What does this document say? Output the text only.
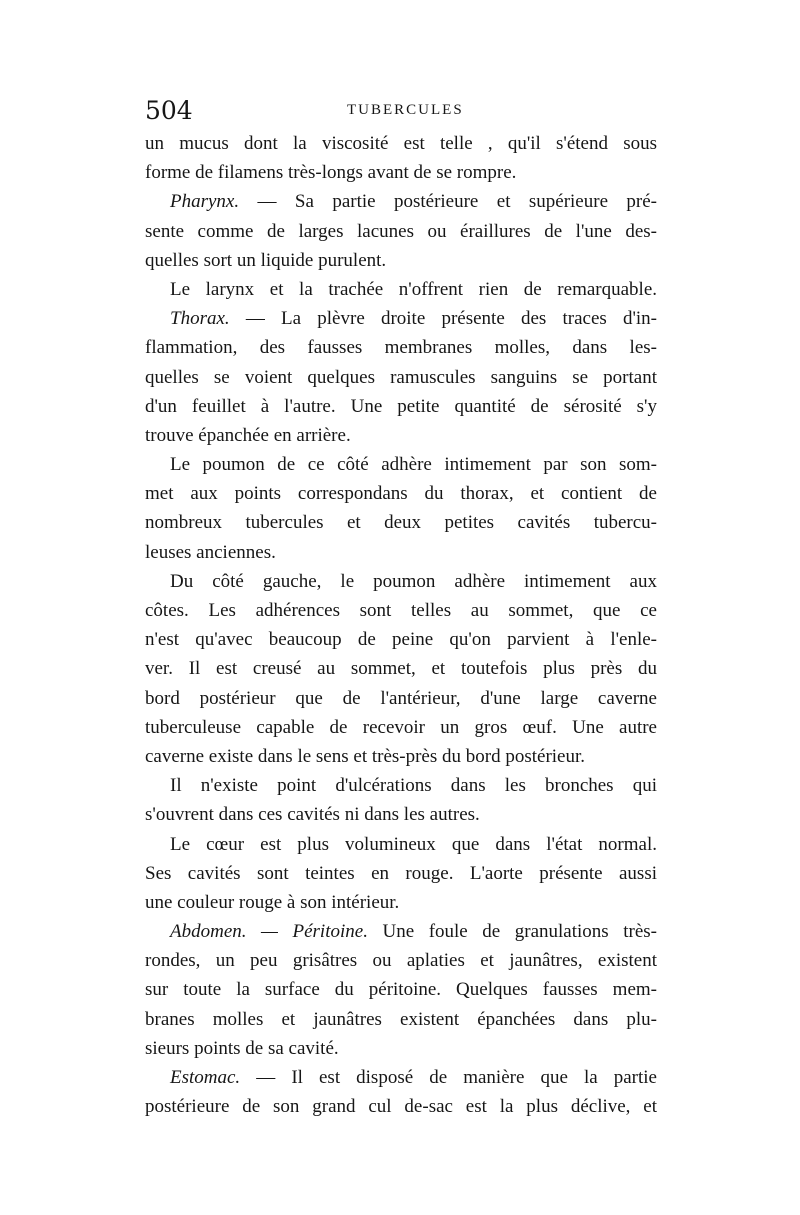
504	TUBERCULES
un mucus dont la viscosité est telle , qu'il s'étend sous
forme de filamens très-longs avant de se rompre.
Pharynx. — Sa partie postérieure et supérieure pré-
sente comme de larges lacunes ou éraillures de l'une des-
quelles sort un liquide purulent.
Le larynx et la trachée n'offrent rien de remarquable.
Thorax. — La plèvre droite présente des traces d'in-
flammation, des fausses membranes molles, dans les-
quelles se voient quelques ramuscules sanguins se portant
d'un feuillet à l'autre. Une petite quantité de sérosité s'y
trouve épanchée en arrière.
Le poumon de ce côté adhère intimement par son som-
met aux points correspondans du thorax, et contient de
nombreux tubercules et deux petites cavités tubercu-
leuses anciennes.
Du côté gauche, le poumon adhère intimement aux
côtes. Les adhérences sont telles au sommet, que ce
n'est qu'avec beaucoup de peine qu'on parvient à l'enle-
ver. Il est creusé au sommet, et toutefois plus près du
bord postérieur que de l'antérieur, d'une large caverne
tuberculeuse capable de recevoir un gros œuf. Une autre
caverne existe dans le sens et très-près du bord postérieur.
Il n'existe point d'ulcérations dans les bronches qui
s'ouvrent dans ces cavités ni dans les autres.
Le cœur est plus volumineux que dans l'état normal.
Ses cavités sont teintes en rouge. L'aorte présente aussi
une couleur rouge à son intérieur.
Abdomen. — Péritoine. Une foule de granulations très-
rondes, un peu grisâtres ou aplaties et jaunâtres, existent
sur toute la surface du péritoine. Quelques fausses mem-
branes molles et jaunâtres existent épanchées dans plu-
sieurs points de sa cavité.
Estomac. — Il est disposé de manière que la partie
postérieure de son grand cul de-sac est la plus déclive, et
